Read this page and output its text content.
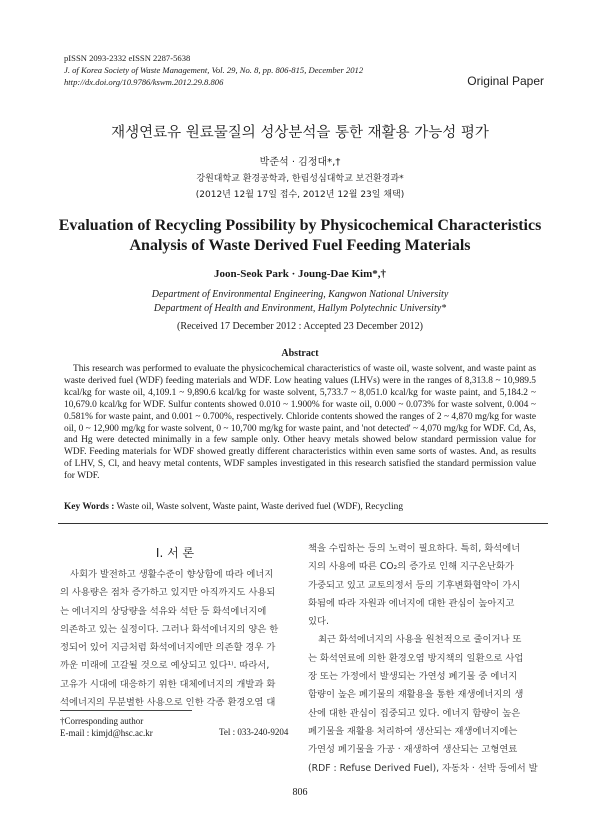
pISSN 2093-2332 eISSN 2287-5638
J. of Korea Society of Waste Management, Vol. 29, No. 8, pp. 806-815, December 2012
http://dx.doi.org/10.9786/kswm.2012.29.8.806	Original Paper
재생연료유 원료물질의 성상분석을 통한 재활용 가능성 평가
박준석 · 김정대*,†
강원대학교 환경공학과, 한림성심대학교 보건환경과*
(2012년 12월 17일 접수, 2012년 12월 23일 채택)
Evaluation of Recycling Possibility by Physicochemical Characteristics
Analysis of Waste Derived Fuel Feeding Materials
Joon-Seok Park · Joung-Dae Kim*,†
Department of Environmental Engineering, Kangwon National University
Department of Health and Environment, Hallym Polytechnic University*
(Received 17 December 2012 : Accepted 23 December 2012)
Abstract

This research was performed to evaluate the physicochemical characteristics of waste oil, waste solvent, and waste paint as waste derived fuel (WDF) feeding materials and WDF. Low heating values (LHVs) were in the ranges of 8,313.8 ~ 10,989.5 kcal/kg for waste oil, 4,109.1 ~ 9,890.6 kcal/kg for waste solvent, 5,733.7 ~ 8,051.0 kcal/kg for waste paint, and 5,184.2 ~ 10,679.0 kcal/kg for WDF. Sulfur contents showed 0.010 ~ 1.900% for waste oil, 0.000 ~ 0.073% for waste solvent, 0.004 ~ 0.581% for waste paint, and 0.001 ~ 0.700%, respectively. Chloride contents showed the ranges of 2 ~ 4,870 mg/kg for waste oil, 0 ~ 12,900 mg/kg for waste solvent, 0 ~ 10,700 mg/kg for waste paint, and 'not detected' ~ 4,070 mg/kg for WDF. Cd, As, and Hg were detected minimally in a few sample only. Other heavy metals showed below standard permission value for WDF. Feeding materials for WDF showed greatly different characteristics within even same sorts of wastes. And, as results of LHV, S, Cl, and heavy metal contents, WDF samples investigated in this research satisfied the standard permission value for WDF.

Key Words : Waste oil, Waste solvent, Waste paint, Waste derived fuel (WDF), Recycling
I. 서 론
사회가 발전하고 생활수준이 향상함에 따라 에너지
의 사용량은 점차 증가하고 있지만 아직까지도 사용되
는 에너지의 상당량을 석유와 석탄 등 화석에너지에
의존하고 있는 실정이다. 그러나 화석에너지의 양은 한
정되어 있어 지금처럼 화석에너지에만 의존할 경우 가
까운 미래에 고갈될 것으로 예상되고 있다¹⁾. 따라서,
고유가 시대에 대응하기 위한 대체에너지의 개발과 화
석에너지의 무분별한 사용으로 인한 각종 환경오염 대
책을 수립하는 등의 노력이 필요하다. 특히, 화석에너
지의 사용에 따른 CO₂의 증가로 인해 지구온난화가
가중되고 있고 교토의정서 등의 기후변화협약이 가시
화됨에 따라 자원과 에너지에 대한 관심이 높아지고
있다.
최근 화석에너지의 사용을 원천적으로 줄이거나 또
는 화석연료에 의한 환경오염 방지책의 일환으로 사업
장 또는 가정에서 발생되는 가연성 폐기물 중 에너지
함량이 높은 폐기물의 재활용을 통한 재생에너지의 생
산에 대한 관심이 집중되고 있다. 에너지 함량이 높은
폐기물을 재활용 처리하여 생산되는 재생에너지에는
가연성 폐기물을 가공 · 재생하여 생산되는 고형연료
(RDF : Refuse Derived Fuel), 자동차 · 선박 등에서 발
†Corresponding author
E-mail : kimjd@hsc.ac.kr	Tel : 033-240-9204
806
